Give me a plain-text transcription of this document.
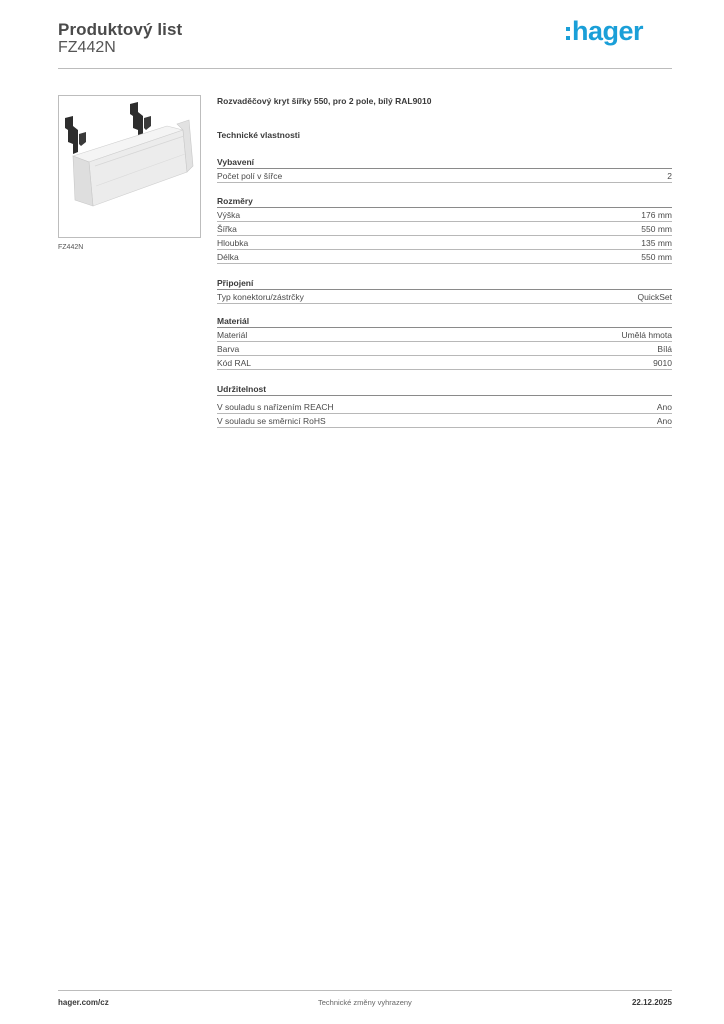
Produktový list
FZ442N
hager
FZ442N
Rozvaděčový kryt šířky 550, pro 2 pole, bílý RAL9010
Technické vlastnosti
Vybavení
Počet polí v šířce	2
Rozměry
Výška	176 mm
Šířka	550 mm
Hloubka	135 mm
Délka	550 mm
Připojení
Typ konektoru/zástrčky	QuickSet
Materiál
Materiál	Umělá hmota
Barva	Bílá
Kód RAL	9010
Udržitelnost
V souladu s nařízením REACH	Ano
V souladu se směrnicí RoHS	Ano
hager.com/cz	Technické změny vyhrazeny	22.12.2025
